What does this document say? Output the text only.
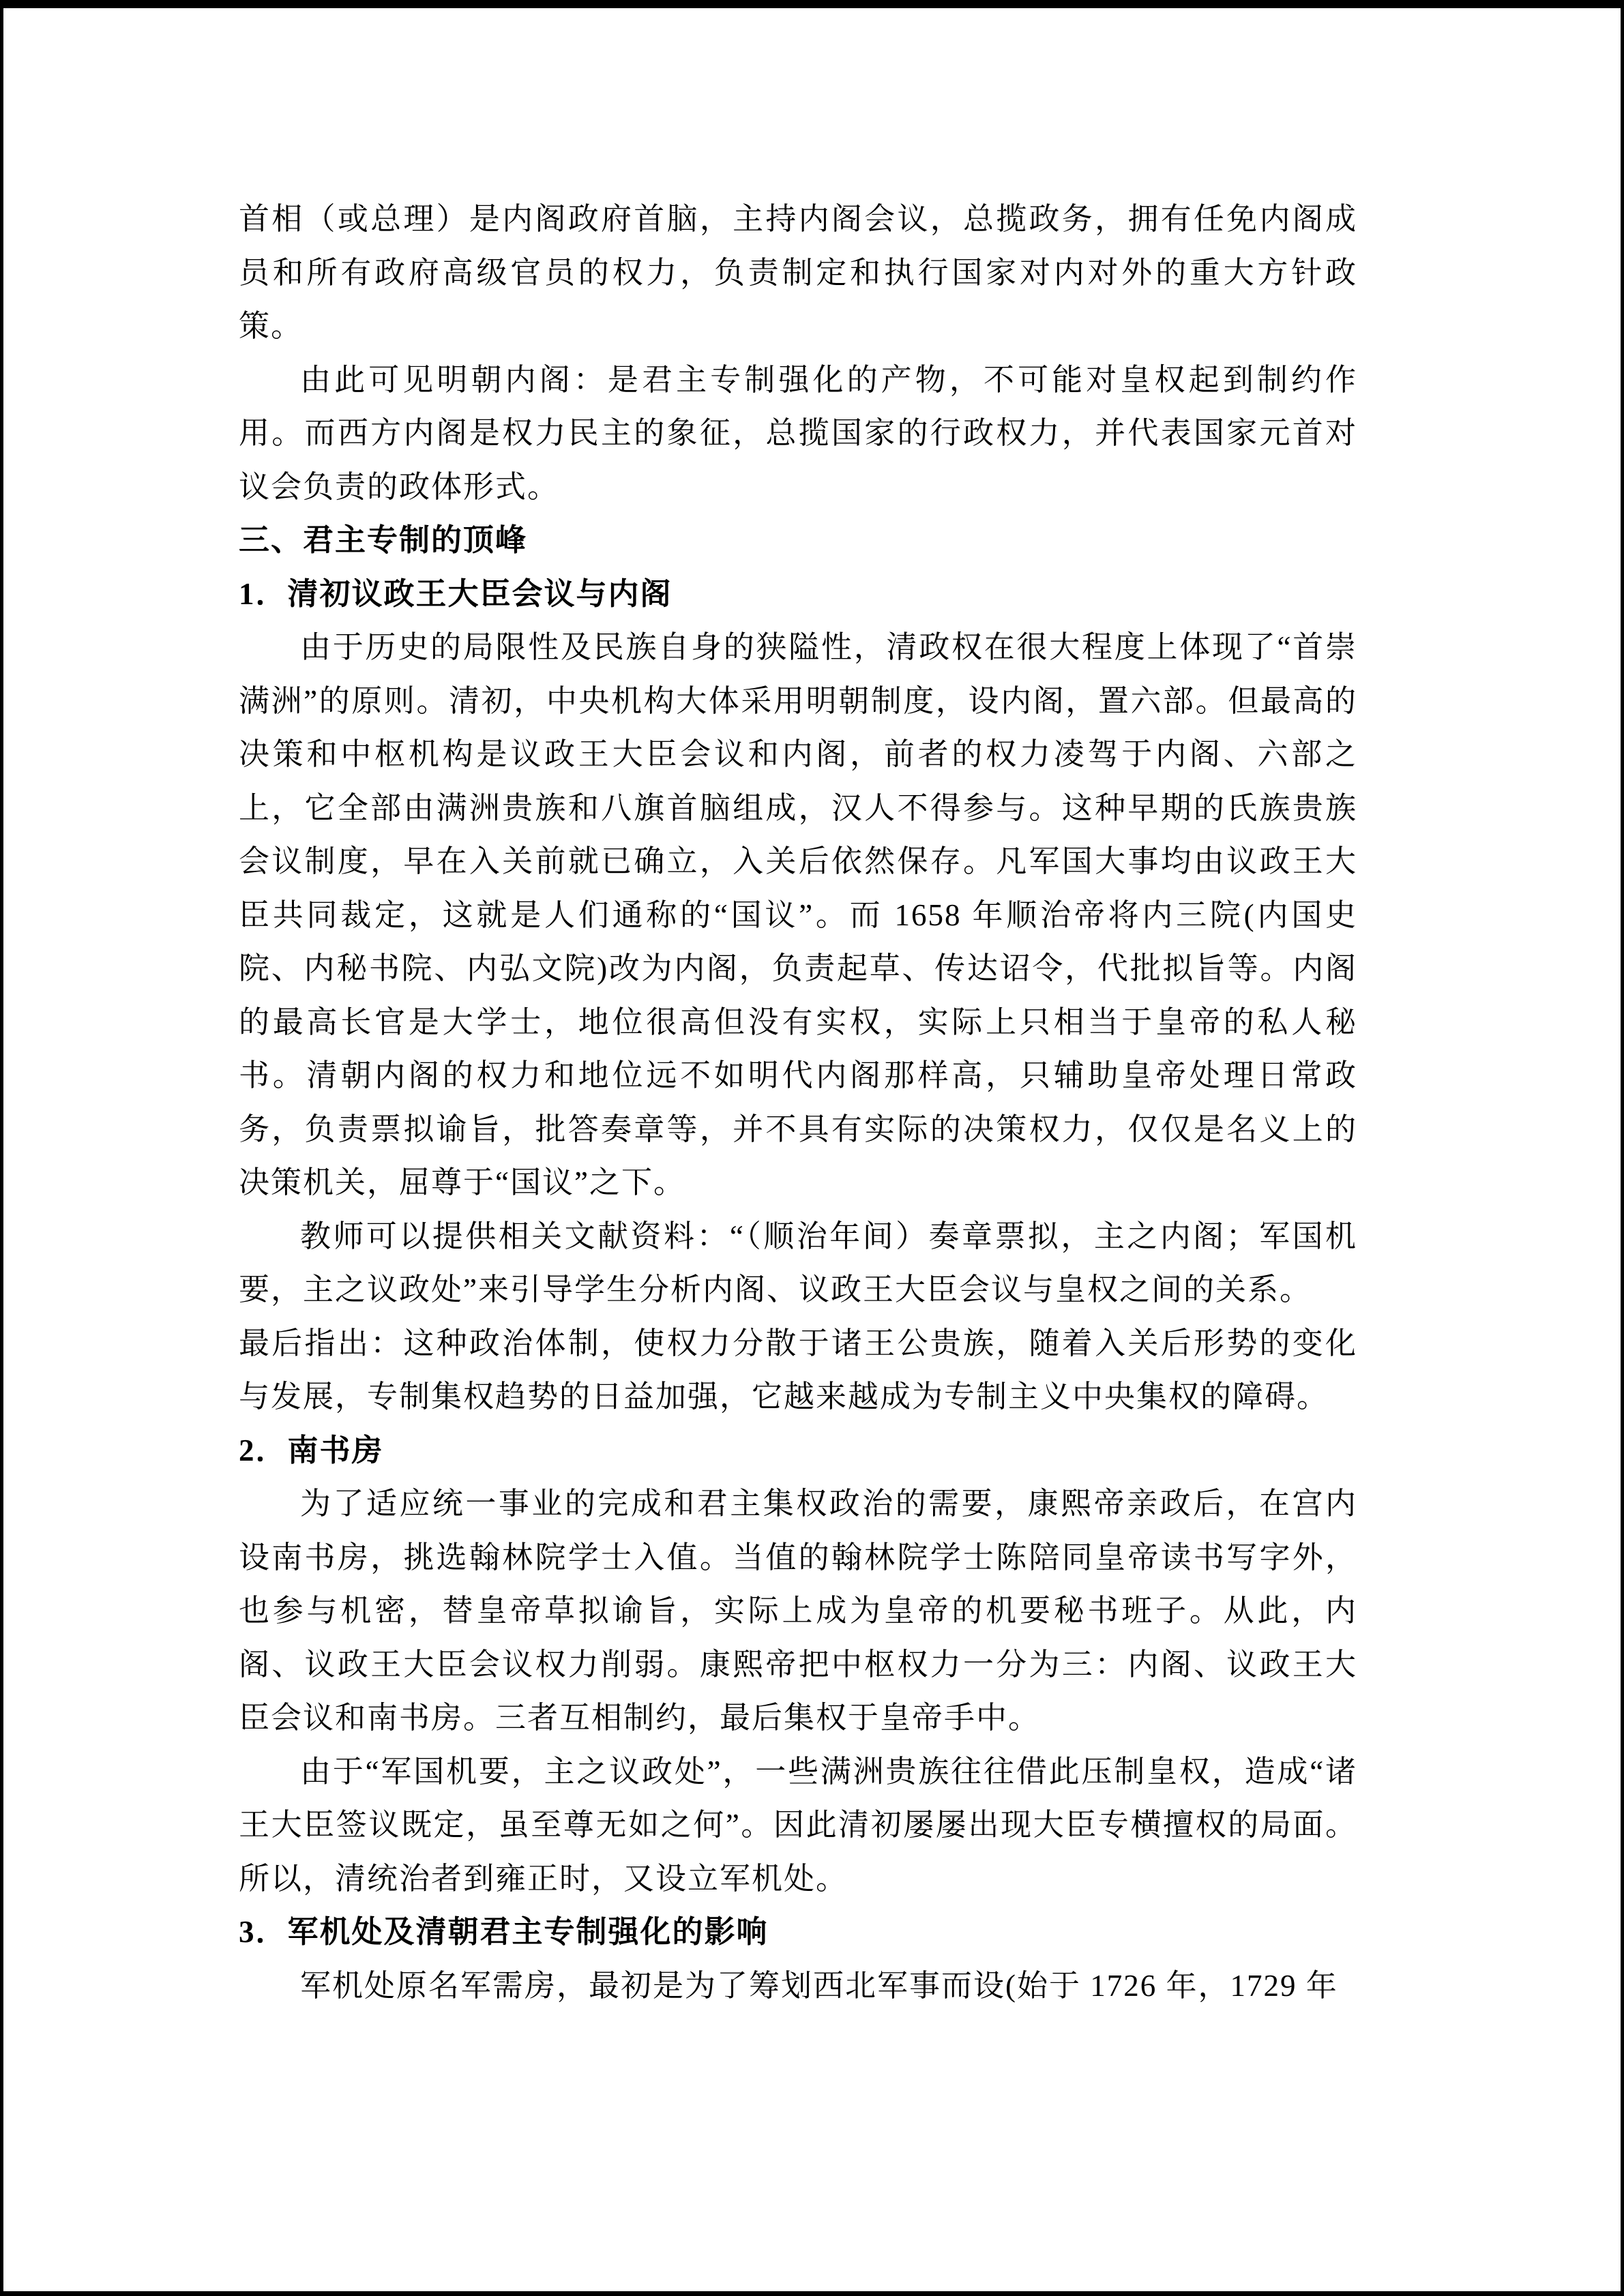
首相（或总理）是内阁政府首脑，主持内阁会议，总揽政务，拥有任免内阁成员和所有政府高级官员的权力，负责制定和执行国家对内对外的重大方针政策。

由此可见明朝内阁：是君主专制强化的产物，不可能对皇权起到制约作用。而西方内阁是权力民主的象征，总揽国家的行政权力，并代表国家元首对议会负责的政体形式。

三、君主专制的顶峰

1．清初议政王大臣会议与内阁

由于历史的局限性及民族自身的狭隘性，清政权在很大程度上体现了“首崇满洲”的原则。清初，中央机构大体采用明朝制度，设内阁，置六部。但最高的决策和中枢机构是议政王大臣会议和内阁，前者的权力凌驾于内阁、六部之上，它全部由满洲贵族和八旗首脑组成，汉人不得参与。这种早期的氏族贵族会议制度，早在入关前就已确立，入关后依然保存。凡军国大事均由议政王大臣共同裁定，这就是人们通称的“国议”。而 1658 年顺治帝将内三院(内国史院、内秘书院、内弘文院)改为内阁，负责起草、传达诏令，代批拟旨等。内阁的最高长官是大学士，地位很高但没有实权，实际上只相当于皇帝的私人秘书。清朝内阁的权力和地位远不如明代内阁那样高，只辅助皇帝处理日常政务，负责票拟谕旨，批答奏章等，并不具有实际的决策权力，仅仅是名义上的决策机关，屈尊于“国议”之下。

教师可以提供相关文献资料：“（顺治年间）奏章票拟，主之内阁；军国机要，主之议政处”来引导学生分析内阁、议政王大臣会议与皇权之间的关系。

最后指出：这种政治体制，使权力分散于诸王公贵族，随着入关后形势的变化与发展，专制集权趋势的日益加强，它越来越成为专制主义中央集权的障碍。

2．南书房

为了适应统一事业的完成和君主集权政治的需要，康熙帝亲政后，在宫内设南书房，挑选翰林院学士入值。当值的翰林院学士陈陪同皇帝读书写字外，也参与机密，替皇帝草拟谕旨，实际上成为皇帝的机要秘书班子。从此，内阁、议政王大臣会议权力削弱。康熙帝把中枢权力一分为三：内阁、议政王大臣会议和南书房。三者互相制约，最后集权于皇帝手中。

由于“军国机要，主之议政处”，一些满洲贵族往往借此压制皇权，造成“诸王大臣签议既定，虽至尊无如之何”。因此清初屡屡出现大臣专横擅权的局面。所以，清统治者到雍正时，又设立军机处。

3．军机处及清朝君主专制强化的影响

军机处原名军需房，最初是为了筹划西北军事而设(始于 1726 年，1729 年
